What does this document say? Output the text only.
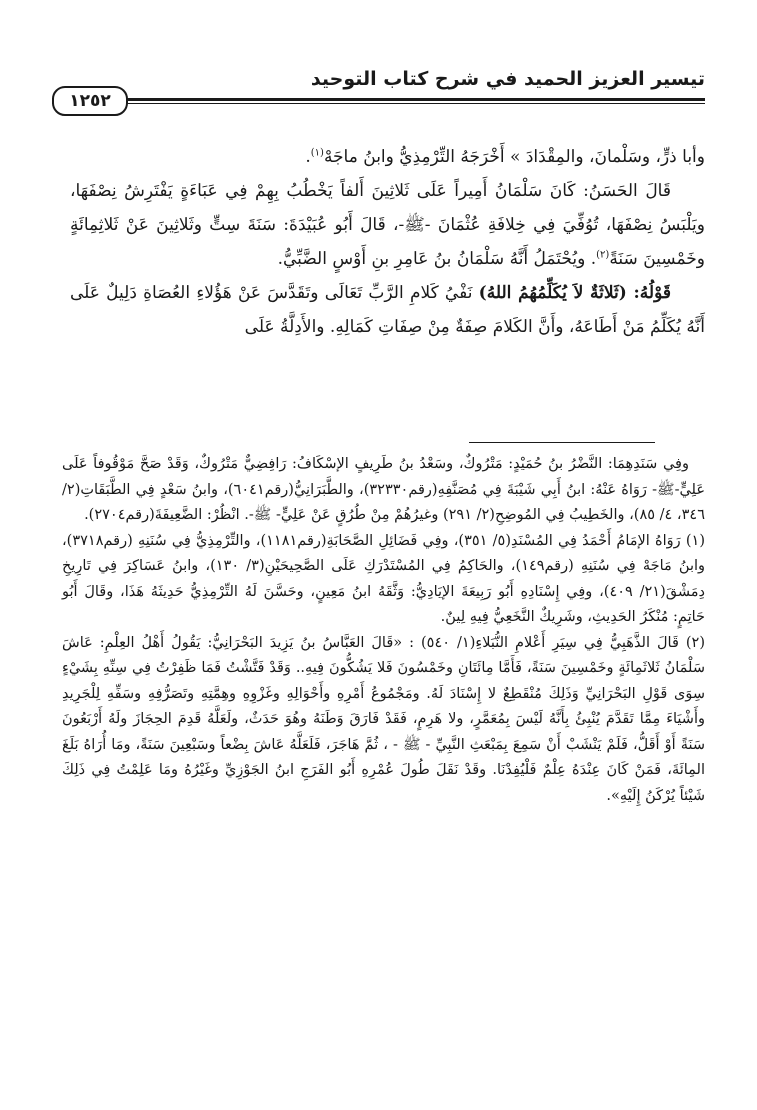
تيسير العزيز الحميد في شرح كتاب التوحيد
١٢٥٢

وأبا ذرٍّ، وسَلْمانَ، والمِقْدَادَ » أَخْرَجَهُ التِّرْمِذِيُّ وابنُ ماجَهْ$^{(١)}$.

قَالَ الحَسَنُ: كَانَ سَلْمَانُ أَمِيراً عَلَى ثَلاثِينَ أَلفاً يَخْطُبُ بِهِمْ فِي عَبَاءَةٍ يَفْتَرِشُ نِصْفَهَا، ويَلْبَسُ نِصْفَهَا، تُوُفِّيَ فِي خِلافَةِ عُثْمَانَ -ﷺ-، قَالَ أَبُو عُبَيْدَةَ: سَنَةَ سِتٍّ وثَلاثِينَ عَنْ ثَلاثِمِائَةٍ وخَمْسِينَ سَنَةً$^{(٢)}$. ويُحْتَمَلُ أَنَّهُ سَلْمَانُ بنُ عَامِرِ بنِ أَوْسٍ الضَّبِّيُّ.

قَوْلُهُ: (ثَلاثَةٌ لاَ يُكَلِّمُهُمُ اللهُ) نَفْيُ كَلامِ الرَّبِّ تَعَالَى وتَقَدَّسَ عَنْ هَؤُلاءِ العُصَاةِ دَلِيلٌ عَلَى أَنَّهُ يُكَلِّمُ مَنْ أَطَاعَهُ، وأَنَّ الكَلامَ صِفَةٌ مِنْ صِفَاتِ كَمَالِهِ. والأَدِلَّةُ عَلَى

وفِي سَنَدِهِمَا: النَّضْرُ بنُ حُمَيْدٍ: مَتْرُوكٌ، وسَعْدُ بنُ طَرِيفٍ الإسْكَافُ: رَافِضِيٌّ مَتْرُوكٌ، وَقَدْ صَحَّ مَوْقُوفاً عَلَى عَلِيٍّ-ﷺ- رَوَاهُ عَنْهُ: ابنُ أَبِي شَيْبَةَ فِي مُصَنَّفِهِ(رقم٣٢٣٣٠)، والطَّبَرَانِيُّ(رقم٦٠٤١)، وابنُ سَعْدٍ فِي الطَّبَقَاتِ(٢/ ٣٤٦، ٤/ ٨٥)، والخَطِيبُ فِي المُوضِحِ(٢/ ٢٩١) وغيرُهُمْ مِنْ طُرُقٍ عَنْ عَلِيٍّ- ﷺ-. انْظُرْ: الضَّعِيفَةَ(رقم٢٧٠٤).

(١) رَوَاهُ الإمَامُ أَحْمَدُ فِي المُسْنَدِ(٥/ ٣٥١)، وفِي فَضَائِلِ الصَّحَابَةِ(رقم١١٨١)، والتِّرْمِذِيُّ فِي سُنَنِهِ (رقم٣٧١٨)، وابنُ مَاجَهْ فِي سُنَنِهِ (رقم١٤٩)، والحَاكِمُ فِي المُسْتَدْرَكِ عَلَى الصَّحِيحَيْنِ(٣/ ١٣٠)، وابنُ عَسَاكِرَ فِي تَارِيخِ دِمَشْقَ(٢١/ ٤٠٩)، وفِي إِسْنَادِهِ أَبُو رَبِيعَةَ الإيَادِيُّ: وَثَّقَهُ ابنُ مَعِينٍ، وحَسَّنَ لَهُ التِّرْمِذِيُّ حَدِيثَهُ هَذَا، وقَالَ أَبُو حَاتِمٍ: مُنْكَرُ الحَدِيثِ، وشَرِيكٌ النَّخَعِيُّ فِيهِ لِينٌ.

(٢) قَالَ الذَّهَبِيُّ فِي سِيَرِ أَعْلامِ النُّبَلاءِ(١/ ٥٤٠) : «قَالَ العَبَّاسُ بنُ يَزِيدَ البَحْرَانِيُّ: يَقُولُ أَهْلُ العِلْمِ: عَاشَ سَلْمَانُ ثَلاثَمِائَةٍ وخَمْسِينَ سَنَةً، فَأَمَّا مِائَتَانِ وخَمْسُونَ فَلا يَشُكُّونَ فِيهِ.. وَقَدْ فَتَّشْتُ فَمَا ظَفِرْتُ فِي سِنِّهِ بِشَيْءٍ سِوَى قَوْلِ البَحْرَانِيِّ وَذَلِكَ مُنْقَطِعٌ لا إِسْنَادَ لَهُ. ومَجْمُوعُ أَمْرِهِ وأَحْوَالِهِ وغَزْوِهِ وهِمَّتِهِ وتَصَرُّفِهِ وسَفِّهِ لِلْجَرِيدِ وأَشْيَاءَ مِمَّا تَقَدَّمَ يُنْبِئُ بِأَنَّهُ لَيْسَ بِمُعَمَّرٍ، ولا هَرِمٍ، فَقَدْ فَارَقَ وَطَنَهُ وهُوَ حَدَثٌ، ولَعَلَّهُ قَدِمَ الحِجَازَ ولَهُ أَرْبَعُونَ سَنَةً أَوْ أَقَلُّ، فَلَمْ يَنْشَبْ أَنْ سَمِعَ بِمَبْعَثِ النَّبِيِّ - ﷺ - ، ثُمَّ هَاجَرَ، فَلَعَلَّهُ عَاشَ بِضْعاً وسَبْعِينَ سَنَةً، ومَا أُرَاهُ بَلَغَ المِائَةَ، فَمَنْ كَانَ عِنْدَهُ عِلْمٌ فَلْيُفِدْنَا. وقَدْ نَقَلَ طُولَ عُمْرِهِ أَبُو الفَرَجِ ابنُ الجَوْزِيِّ وغَيْرُهُ ومَا عَلِمْتُ فِي ذَلِكَ شَيْئاً يُرْكَنُ إِلَيْهِ».
